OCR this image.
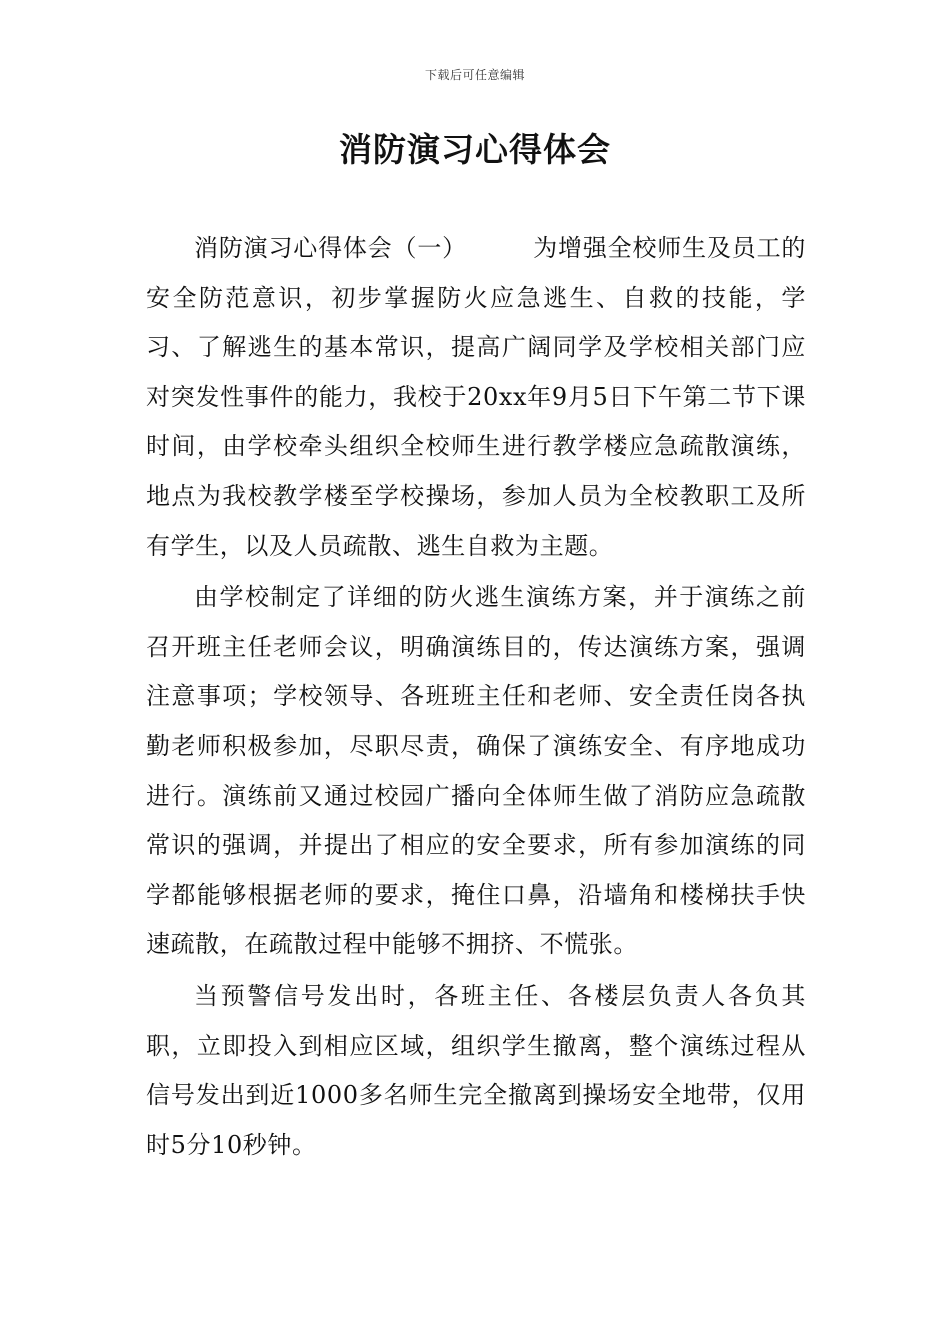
下载后可任意编辑
消防演习心得体会

消防演习心得体会（一）	为增强全校师生及员工的安全防范意识，初步掌握防火应急逃生、自救的技能，学习、了解逃生的基本常识，提高广阔同学及学校相关部门应对突发性事件的能力，我校于20xx年9月5日下午第二节下课时间，由学校牵头组织全校师生进行教学楼应急疏散演练，地点为我校教学楼至学校操场，参加人员为全校教职工及所有学生，以及人员疏散、逃生自救为主题。

由学校制定了详细的防火逃生演练方案，并于演练之前召开班主任老师会议，明确演练目的，传达演练方案，强调注意事项；学校领导、各班班主任和老师、安全责任岗各执勤老师积极参加，尽职尽责，确保了演练安全、有序地成功进行。演练前又通过校园广播向全体师生做了消防应急疏散常识的强调，并提出了相应的安全要求，所有参加演练的同学都能够根据老师的要求，掩住口鼻，沿墙角和楼梯扶手快速疏散，在疏散过程中能够不拥挤、不慌张。

当预警信号发出时，各班主任、各楼层负责人各负其职，立即投入到相应区域，组织学生撤离，整个演练过程从信号发出到近1000多名师生完全撤离到操场安全地带，仅用时5分10秒钟。
